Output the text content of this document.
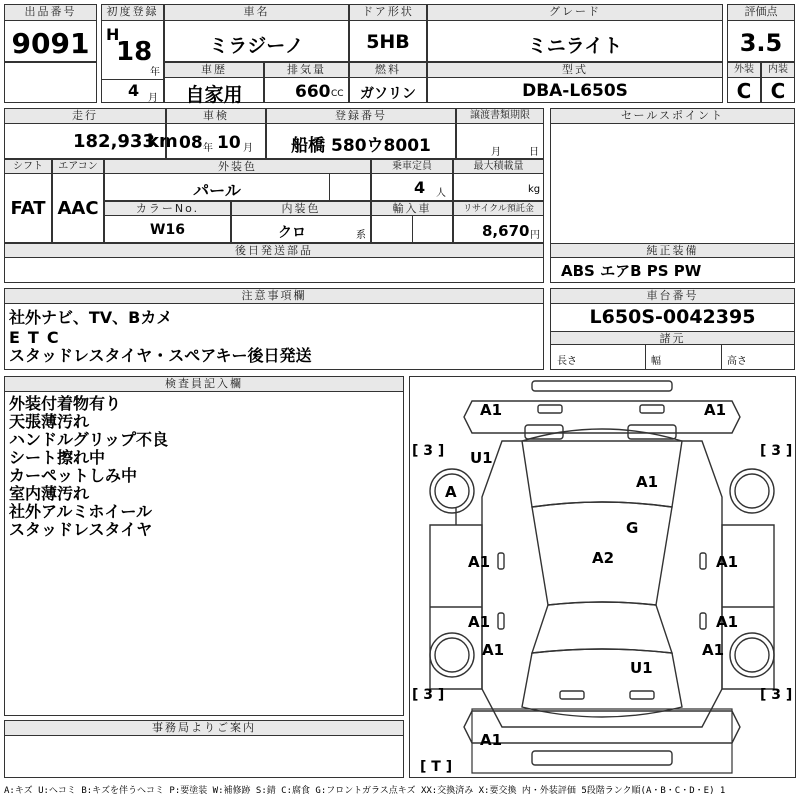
出品番号
9091
初度登録
H
18
年
4 月
車名
ミラジーノ
ドア形状
5HB
グレード
ミニライト
評価点
3.5
車歴
自家用
排気量
660 CC
燃料
ガソリン
型式
DBA-L650S
外装
C
内装
C
走行
182,933
km
車検
08 年 10 月
登録番号
船橋 580ウ8001
譲渡書類期限
月	日
セールスポイント
シフト
FAT
エアコン
AAC
外装色
パール
乗車定員
4 人
最大積載量
kg
カラーNo.
W16
内装色
クロ	系
輸入車	リサイクル預託金
8,670 円
後日発送部品	純正装備
ABS エアB PS PW
注意事項欄
社外ナビ、TV、Bカメ
ETC
スタッドレスタイヤ・スペアキー後日発送
車台番号
L650S-0042395
諸元
長さ	幅	高さ
検査員記入欄
外装付着物有り
天張薄汚れ
ハンドルグリップ不良
シート擦れ中
カーペットしみ中
室内薄汚れ
社外アルミホイール
スタッドレスタイヤ
事務局よりご案内
A1	A1
U1
A
A1
G
A2
A1	A1
A1	A1
A1	A1
U1
A1
[ 3 ]	[ 3 ]
[ 3 ]	[ 3 ]
[ T ]
A:キズ U:ヘコミ B:キズを伴うヘコミ P:要塗装 W:補修跡 S:錆 C:腐食 G:フロントガラス点キズ XX:交換済み X:要交換 内・外装評価 5段階ランク順(A・B・C・D・E) 1
